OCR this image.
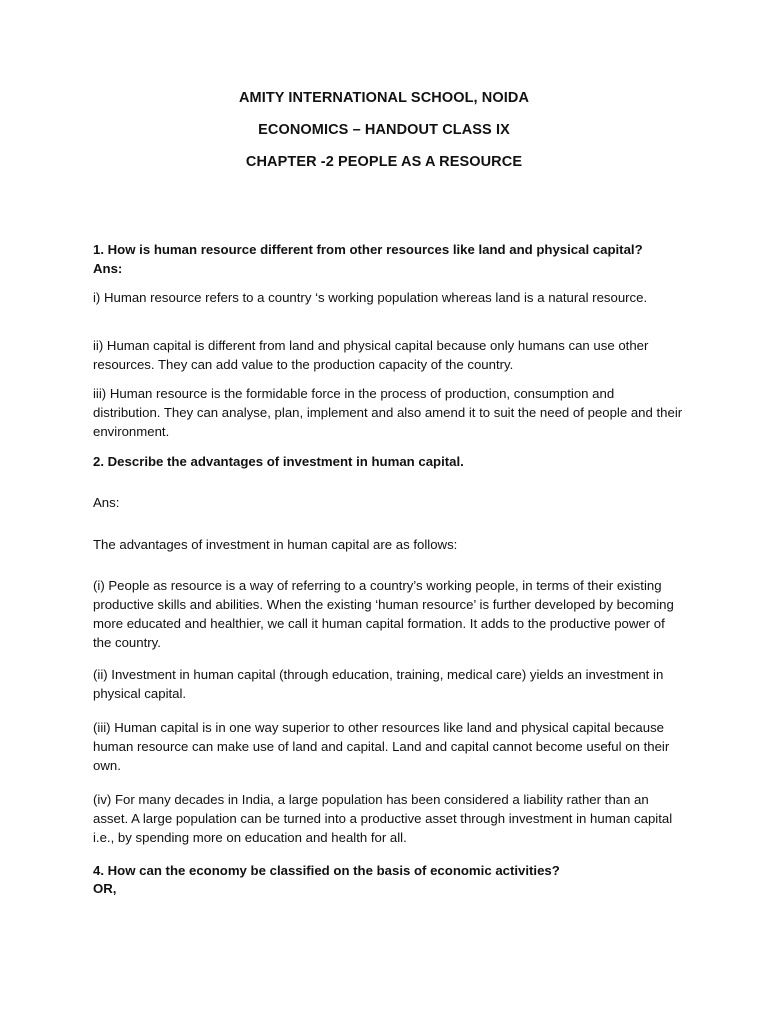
AMITY INTERNATIONAL SCHOOL, NOIDA
ECONOMICS – HANDOUT CLASS IX
CHAPTER -2 PEOPLE AS A RESOURCE
1. How is human resource different from other resources like land and physical capital?
Ans:

i) Human resource refers to a country ‘s working population whereas land is a natural resource.

ii) Human capital is different from land and physical capital because only humans can use other resources. They can add value to the production capacity of the country.

iii) Human resource is the formidable force in the process of production, consumption and distribution. They can analyse, plan, implement and also amend it to suit the need of people and their environment.

2. Describe the advantages of investment in human capital.
Ans:
The advantages of investment in human capital are as follows:

(i) People as resource is a way of referring to a country’s working people, in terms of their existing productive skills and abilities. When the existing ‘human resource’ is further developed by becoming more educated and healthier, we call it human capital formation. It adds to the productive power of the country.

(ii) Investment in human capital (through education, training, medical care) yields an investment in physical capital.

(iii) Human capital is in one way superior to other resources like land and physical capital because human resource can make use of land and capital. Land and capital cannot become useful on their own.

(iv) For many decades in India, a large population has been considered a liability rather than an asset. A large population can be turned into a productive asset through investment in human capital i.e., by spending more on education and health for all.

4. How can the economy be classified on the basis of economic activities?
OR,
